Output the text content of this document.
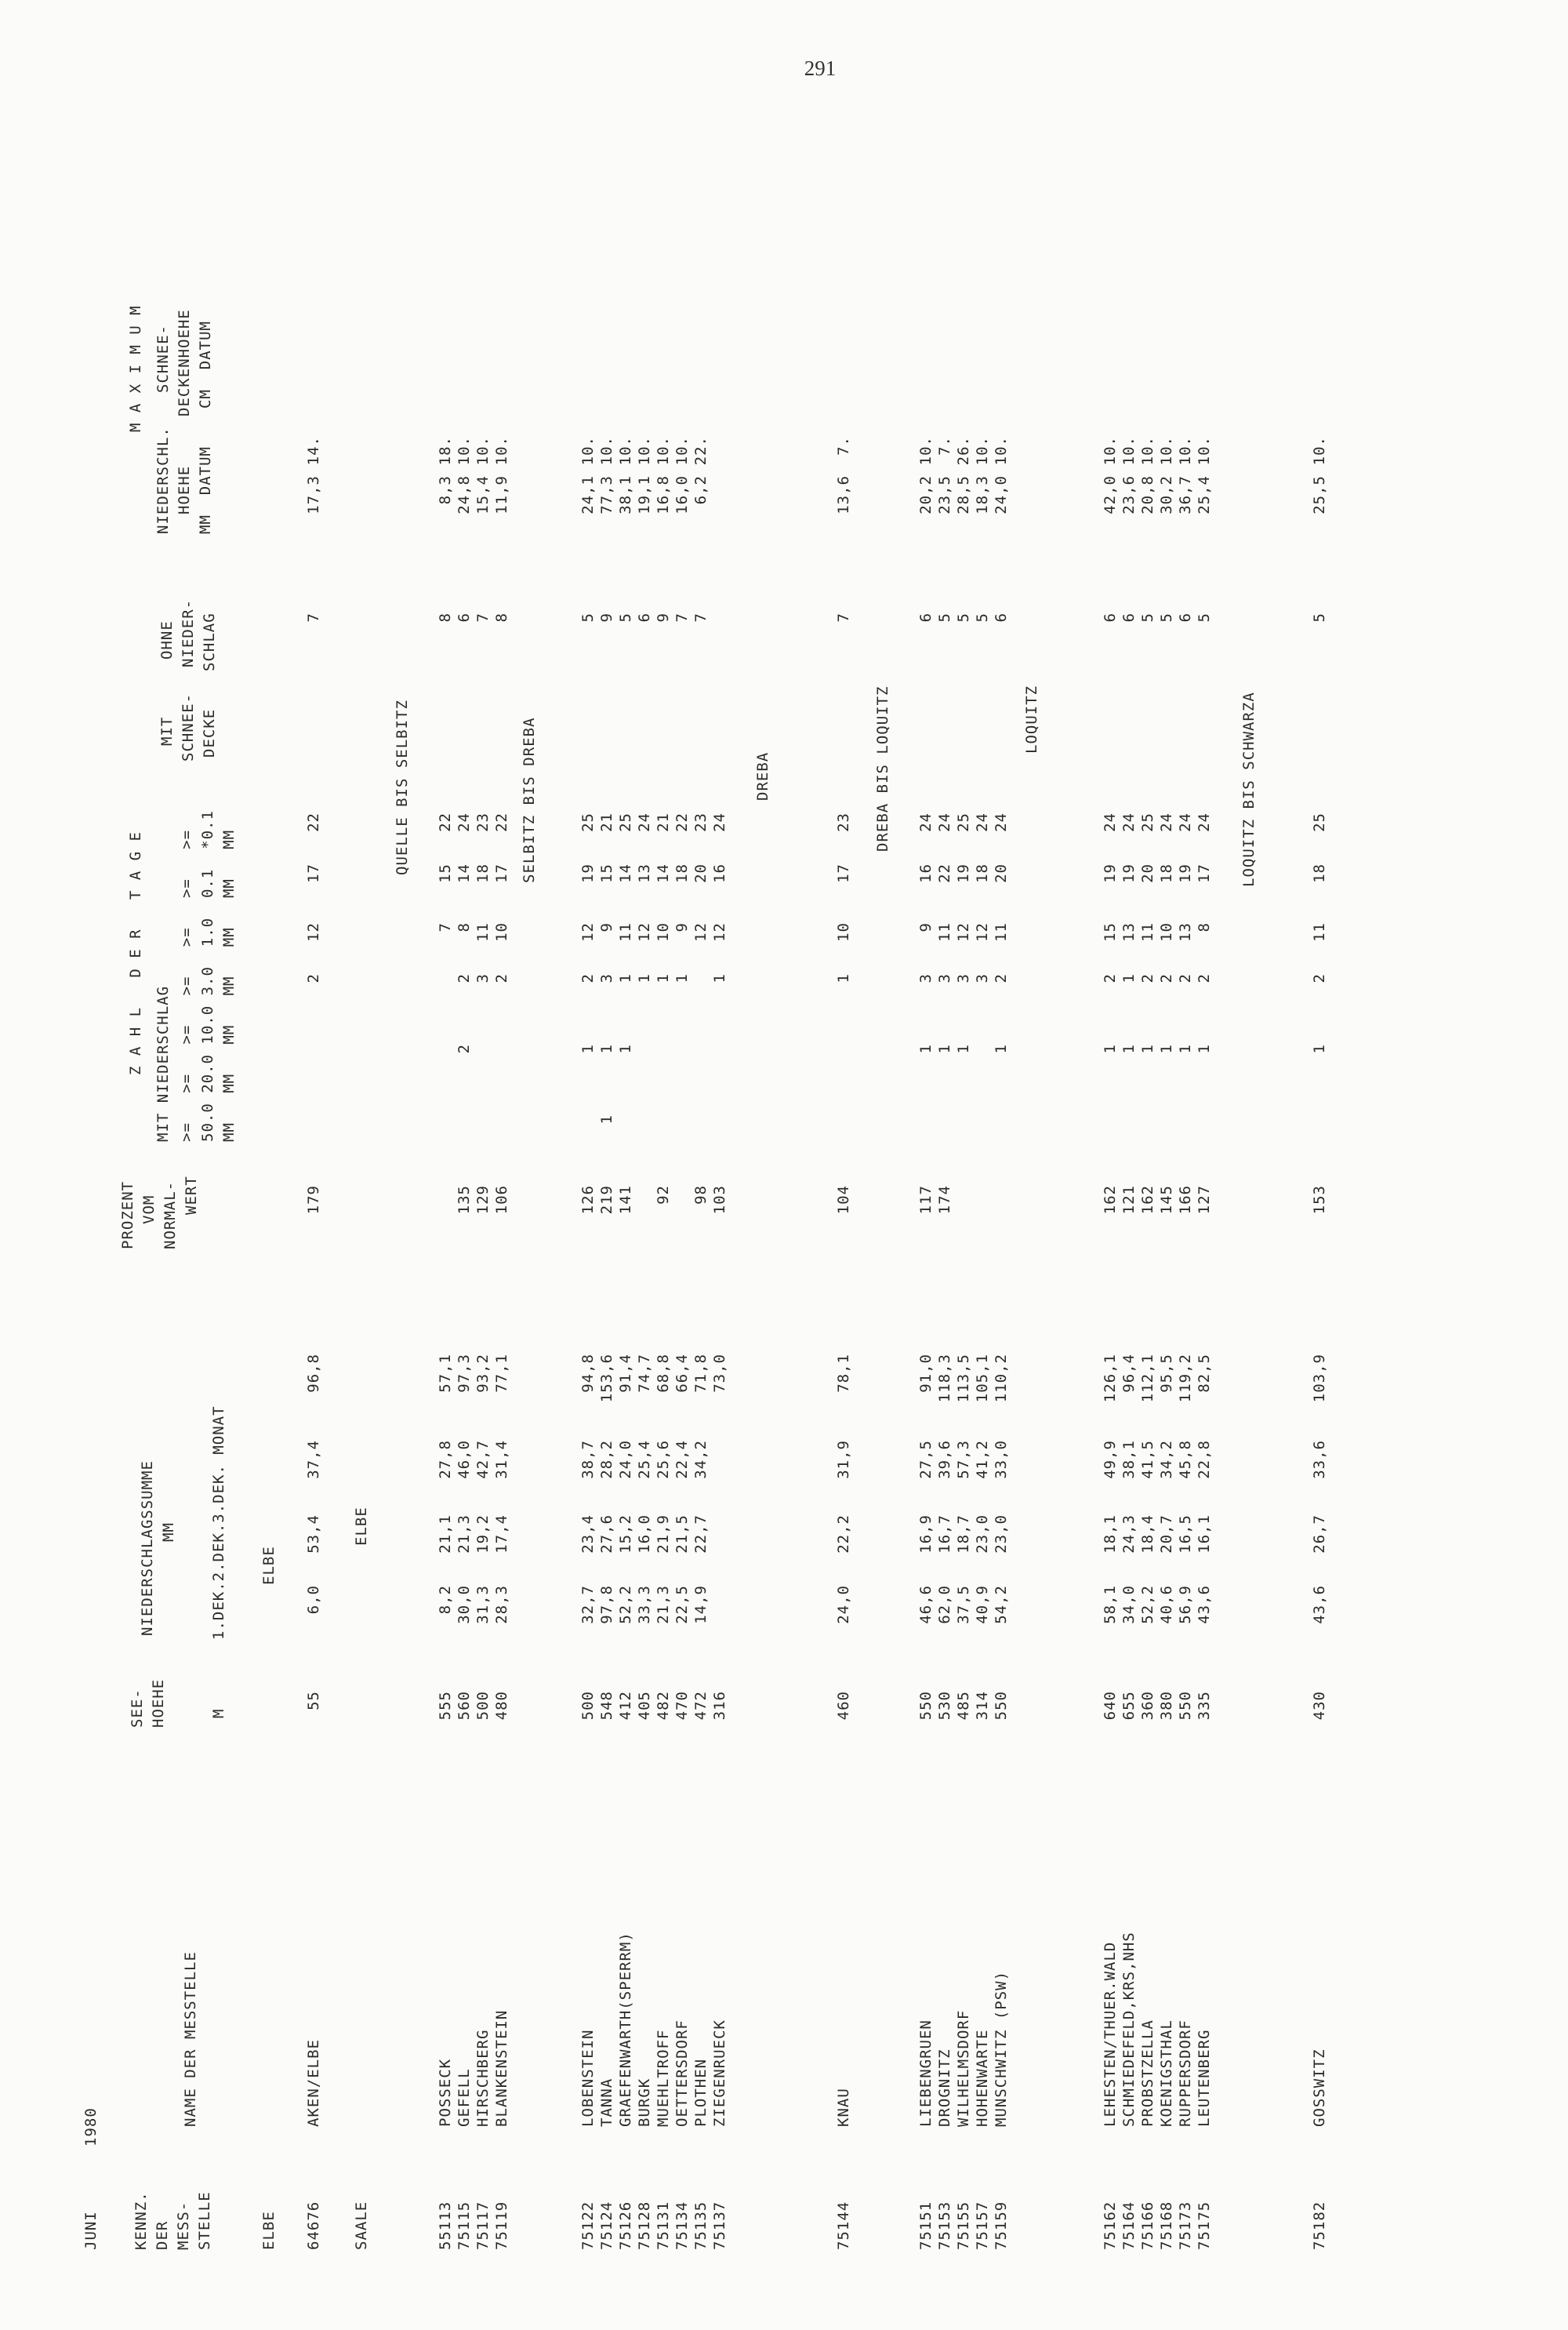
291
JUNI
1980
KENNZ. DER MESS- STELLE
NAME DER MESSTELLE
SEE- HOEHE	M
NIEDERSCHLAGSSUMME MM 1.DEK.2.DEK.3.DEK. MONAT
PROZENT VOM NORMAL- WERT
Z A H L   D E R   T A G E MIT NIEDERSCHLAG >=   >=   >=   >=   >=   >=   >= 50.0 20.0 10.0 3.0  1.0  0.1  *0.1 MM   MM   MM   MM   MM   MM   MM
MIT SCHNEE- DECKE
OHNE NIEDER- SCHLAG
M A X I M U M
NIEDERSCHL. HOEHE MM  DATUM
SCHNEE- DECKENHOEHE CM  DATUM
ELBE
ELBE
ELBE
64676
AKEN/ELBE
55
6,0
53,4
37,4
96,8
179
2
12
17
22
7
17,3
14.
SAALE
QUELLE BIS SELBITZ
55113
POSSECK
555
8,2
21,1
27,8
57,1
7
15
22
8
8,3
18.
75115
GEFELL
560
30,0
21,3
46,0
97,3
135
2
2
8
14
24
6
24,8
10.
75117
HIRSCHBERG
500
31,3
19,2
42,7
93,2
129
3
11
18
23
7
15,4
10.
75119
BLANKENSTEIN
480
28,3
17,4
31,4
77,1
106
2
10
17
22
8
11,9
10.
SELBITZ BIS DREBA
75122
LOBENSTEIN
500
32,7
23,4
38,7
94,8
126
1
2
12
19
25
5
24,1
10.
75124
TANNA
548
97,8
27,6
28,2
153,6
219
1
1
3
9
15
21
9
77,3
10.
75126
GRAEFENWARTH(SPERRM)
412
52,2
15,2
24,0
91,4
141
1
1
11
14
25
5
38,1
10.
75128
BURGK
405
33,3
16,0
25,4
74,7
1
12
13
24
6
19,1
10.
75131
MUEHLTROFF
482
21,3
21,9
25,6
68,8
92
1
10
14
21
9
16,8
10.
75134
OETTERSDORF
470
22,5
21,5
22,4
66,4
1
9
18
22
7
16,0
10.
75135
PLOTHEN
472
14,9
22,7
34,2
71,8
98
12
20
23
7
6,2
22.
75137
ZIEGENRUECK
316
73,0
103
1
12
16
24
DREBA
75144
KNAU
460
24,0
22,2
31,9
78,1
104
1
10
17
23
7
13,6
7.
DREBA BIS LOQUITZ
75151
LIEBENGRUEN
550
46,6
16,9
27,5
91,0
117
1
3
9
16
24
6
20,2
10.
75153
DROGNITZ
530
62,0
16,7
39,6
118,3
174
1
3
11
22
24
5
23,5
7.
75155
WILHELMSDORF
485
37,5
18,7
57,3
113,5
1
3
12
19
25
5
28,5
26.
75157
HOHENWARTE
314
40,9
23,0
41,2
105,1
3
12
18
24
5
18,3
10.
75159
MUNSCHWITZ (PSW)
550
54,2
23,0
33,0
110,2
1
2
11
20
24
6
24,0
10.
LOQUITZ
75162
LEHESTEN/THUER.WALD
640
58,1
18,1
49,9
126,1
162
1
2
15
19
24
6
42,0
10.
75164
SCHMIEDEFELD,KRS,NHS
655
34,0
24,3
38,1
96,4
121
1
1
13
19
24
6
23,6
10.
75166
PROBSTZELLA
360
52,2
18,4
41,5
112,1
162
1
2
11
20
25
5
20,8
10.
75168
KOENIGSTHAL
380
40,6
20,7
34,2
95,5
145
1
2
10
18
24
5
30,2
10.
75173
RUPPERSDORF
550
56,9
16,5
45,8
119,2
166
1
2
13
19
24
6
36,7
10.
75175
LEUTENBERG
335
43,6
16,1
22,8
82,5
127
1
2
8
17
24
5
25,4
10.
LOQUITZ BIS SCHWARZA
75182
GOSSWITZ
430
43,6
26,7
33,6
103,9
153
1
2
11
18
25
5
25,5
10.
